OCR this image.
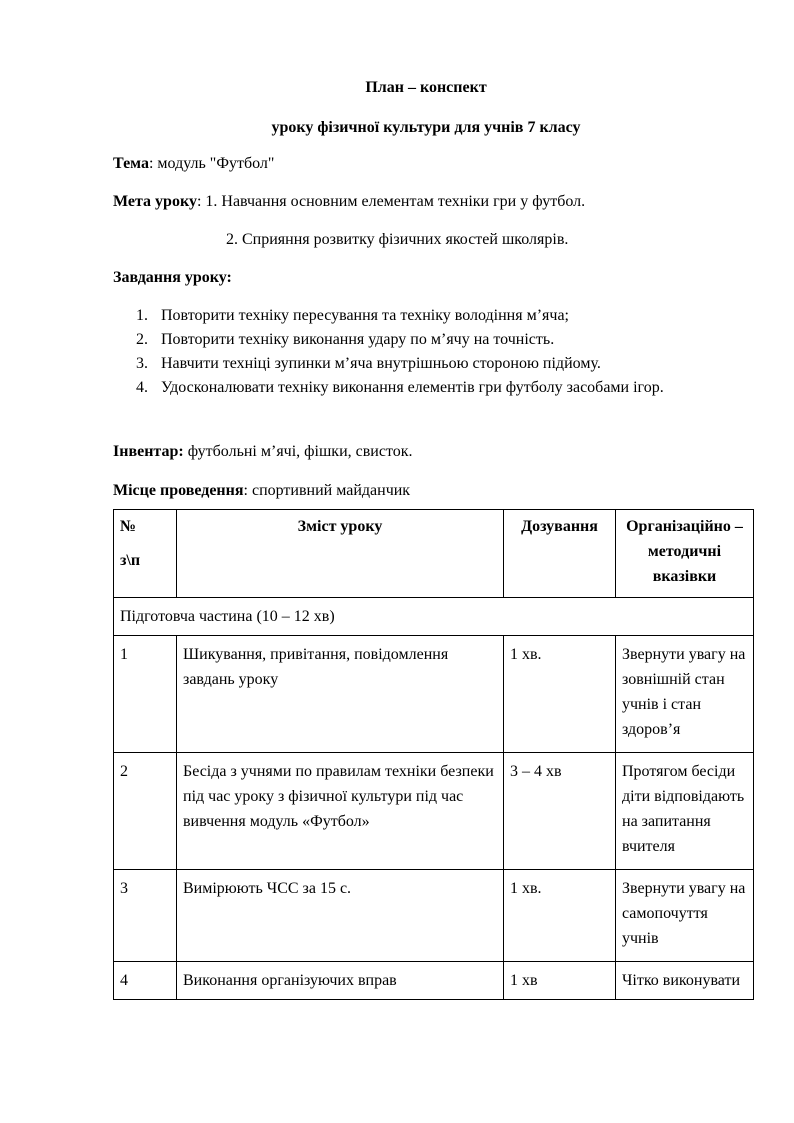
План – конспект
уроку фізичної культури для учнів 7 класу
Тема: модуль "Футбол"
Мета уроку: 1. Навчання основним елементам техніки гри у футбол.
2. Сприяння розвитку фізичних якостей школярів.
Завдання уроку:
1. Повторити техніку пересування та техніку володіння м’яча;
2. Повторити техніку виконання удару по м’ячу на точність.
3. Навчити техніці зупинки м’яча внутрішньою стороною підйому.
4. Удосконалювати техніку виконання елементів гри футболу засобами ігор.
Інвентар: футбольні м’ячі, фішки, свисток.
Місце проведення: спортивний майданчик
№
з\п	Зміст уроку	Дозування	Організаційно – методичні вказівки
Підготовча частина (10 – 12 хв)			
1	Шикування, привітання, повідомлення завдань уроку	1 хв.	Звернути увагу на зовнішній стан учнів і стан здоров’я
2	Бесіда з учнями по правилам техніки безпеки під час уроку з фізичної культури під час вивчення модуль «Футбол»	3 – 4 хв	Протягом бесіди діти відповідають на запитання вчителя
3	Вимірюють ЧСС за 15 с.	1 хв.	Звернути увагу на самопочуття учнів
4	Виконання організуючих вправ	1 хв	Чітко виконувати
